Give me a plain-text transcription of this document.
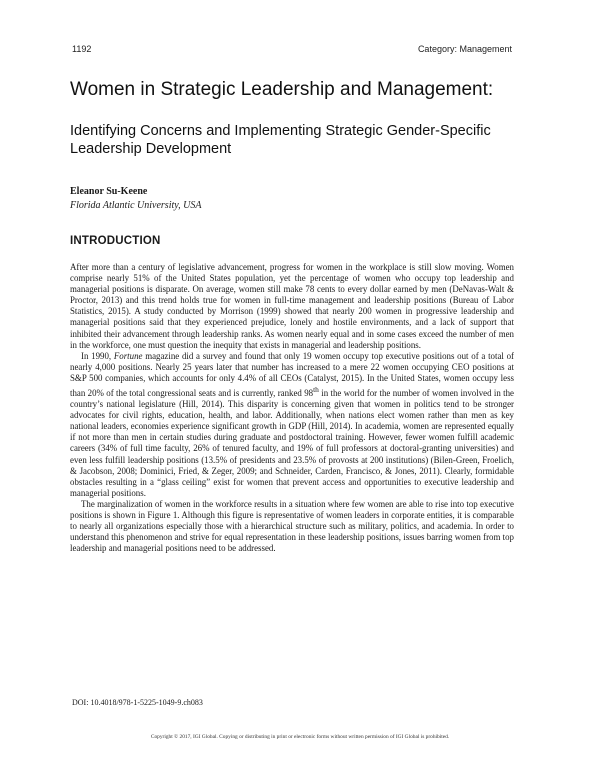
1192	Category: Management
Women in Strategic Leadership and Management:
Identifying Concerns and Implementing Strategic Gender-Specific Leadership Development
Eleanor Su-Keene
Florida Atlantic University, USA
INTRODUCTION

After more than a century of legislative advancement, progress for women in the workplace is still slow moving. Women comprise nearly 51% of the United States population, yet the percentage of women who occupy top leadership and managerial positions is disparate. On average, women still make 78 cents to every dollar earned by men (DeNavas-Walt & Proctor, 2013) and this trend holds true for women in full-time management and leadership positions (Bureau of Labor Statistics, 2015). A study conducted by Morrison (1999) showed that nearly 200 women in progressive leadership and managerial positions said that they experienced prejudice, lonely and hostile environments, and a lack of support that inhibited their advancement through leadership ranks. As women nearly equal and in some cases exceed the number of men in the workforce, one must question the inequity that exists in managerial and leadership positions.

In 1990, Fortune magazine did a survey and found that only 19 women occupy top executive positions out of a total of nearly 4,000 positions. Nearly 25 years later that number has increased to a mere 22 women occupying CEO positions at S&P 500 companies, which accounts for only 4.4% of all CEOs (Catalyst, 2015). In the United States, women occupy less than 20% of the total congressional seats and is currently, ranked 98th in the world for the number of women involved in the country’s national legislature (Hill, 2014). This disparity is concerning given that women in politics tend to be stronger advocates for civil rights, education, health, and labor. Additionally, when nations elect women rather than men as key national leaders, economies experience significant growth in GDP (Hill, 2014). In academia, women are represented equally if not more than men in certain studies during graduate and postdoctoral training. However, fewer women fulfill academic careers (34% of full time faculty, 26% of tenured faculty, and 19% of full professors at doctoral-granting universities) and even less fulfill leadership positions (13.5% of presidents and 23.5% of provosts at 200 institutions) (Bilen-Green, Froelich, & Jacobson, 2008; Dominici, Fried, & Zeger, 2009; and Schneider, Carden, Francisco, & Jones, 2011). Clearly, formidable obstacles resulting in a “glass ceiling” exist for women that prevent access and opportunities to executive leadership and managerial positions.

The marginalization of women in the workforce results in a situation where few women are able to rise into top executive positions is shown in Figure 1. Although this figure is representative of women leaders in corporate entities, it is comparable to nearly all organizations especially those with a hierarchical structure such as military, politics, and academia. In order to understand this phenomenon and strive for equal representation in these leadership positions, issues barring women from top leadership and managerial positions need to be addressed.

DOI: 10.4018/978-1-5225-1049-9.ch083
Copyright © 2017, IGI Global. Copying or distributing in print or electronic forms without written permission of IGI Global is prohibited.
